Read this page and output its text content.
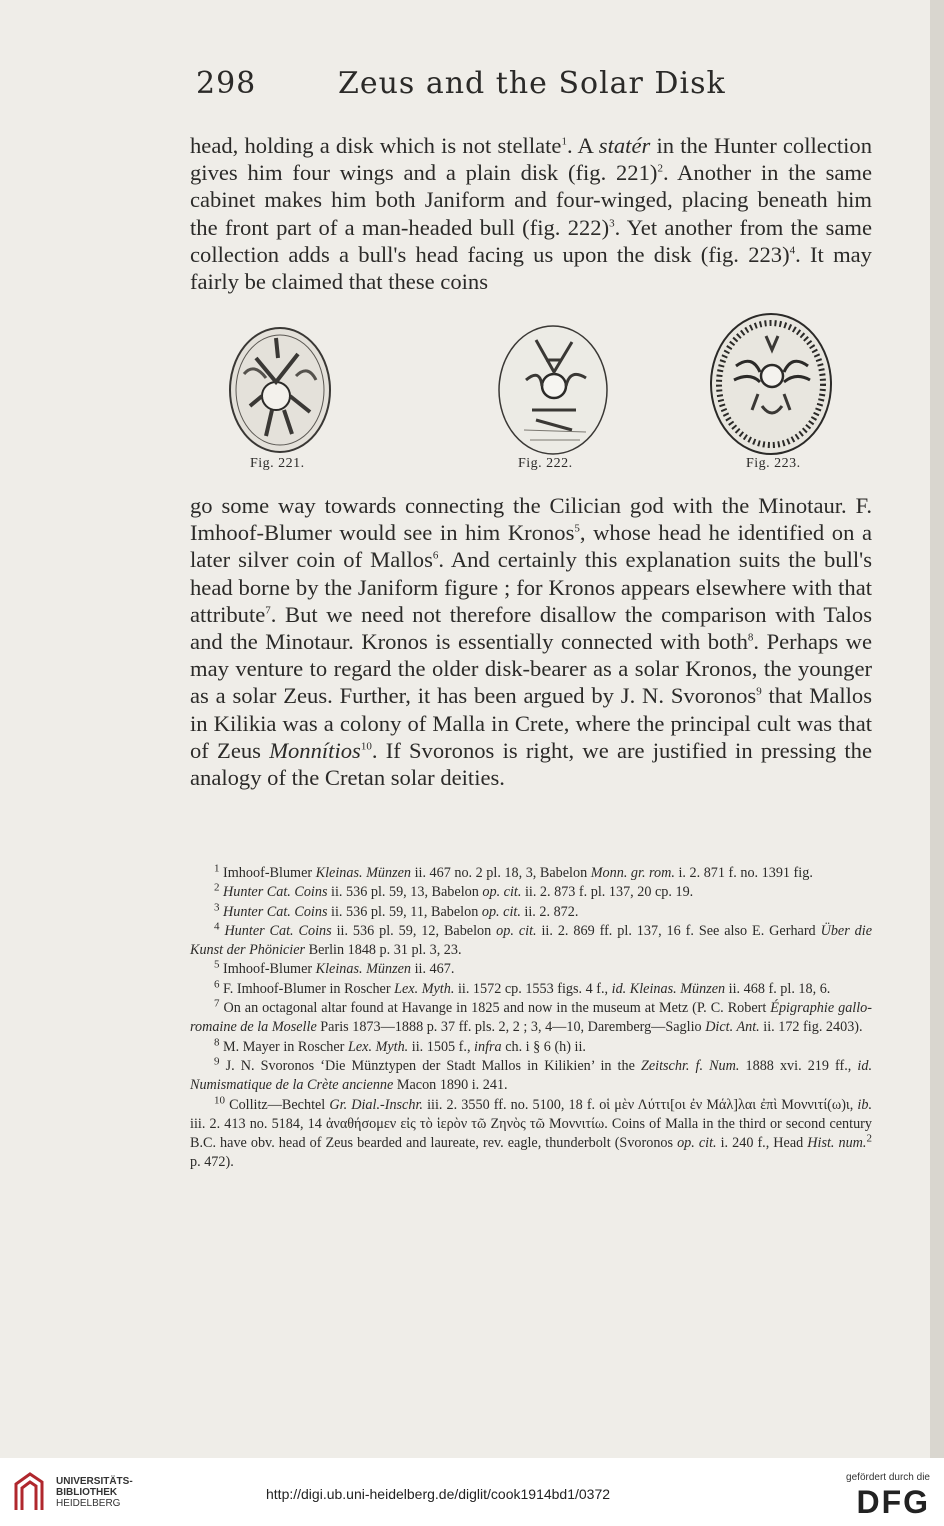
298	Zeus and the Solar Disk
head, holding a disk which is not stellate$^1$. A statér in the Hunter collection gives him four wings and a plain disk (fig. 221)$^2$. Another in the same cabinet makes him both Janiform and four-winged, placing beneath him the front part of a man-headed bull (fig. 222)$^3$. Yet another from the same collection adds a bull's head facing us upon the disk (fig. 223)$^4$. It may fairly be claimed that these coins
Fig. 221.	Fig. 222.	Fig. 223.
go some way towards connecting the Cilician god with the Minotaur. F. Imhoof-Blumer would see in him Kronos$^5$, whose head he identified on a later silver coin of Mallos$^6$. And certainly this explanation suits the bull's head borne by the Janiform figure ; for Kronos appears elsewhere with that attribute$^7$. But we need not therefore disallow the comparison with Talos and the Minotaur. Kronos is essentially connected with both$^8$. Perhaps we may venture to regard the older disk-bearer as a solar Kronos, the younger as a solar Zeus. Further, it has been argued by J. N. Svoronos$^9$ that Mallos in Kilikia was a colony of Malla in Crete, where the principal cult was that of Zeus Monnítios$^{10}$. If Svoronos is right, we are justified in pressing the analogy of the Cretan solar deities.

$^1$ Imhoof-Blumer Kleinas. Münzen ii. 467 no. 2 pl. 18, 3, Babelon Monn. gr. rom. i. 2. 871 f. no. 1391 fig.

$^2$ Hunter Cat. Coins ii. 536 pl. 59, 13, Babelon op. cit. ii. 2. 873 f. pl. 137, 20 cp. 19.

$^3$ Hunter Cat. Coins ii. 536 pl. 59, 11, Babelon op. cit. ii. 2. 872.

$^4$ Hunter Cat. Coins ii. 536 pl. 59, 12, Babelon op. cit. ii. 2. 869 ff. pl. 137, 16 f. See also E. Gerhard Über die Kunst der Phönicier Berlin 1848 p. 31 pl. 3, 23.

$^5$ Imhoof-Blumer Kleinas. Münzen ii. 467.

$^6$ F. Imhoof-Blumer in Roscher Lex. Myth. ii. 1572 cp. 1553 figs. 4 f., id. Kleinas. Münzen ii. 468 f. pl. 18, 6.

$^7$ On an octagonal altar found at Havange in 1825 and now in the museum at Metz (P. C. Robert Épigraphie gallo-romaine de la Moselle Paris 1873—1888 p. 37 ff. pls. 2, 2 ; 3, 4—10, Daremberg—Saglio Dict. Ant. ii. 172 fig. 2403).

$^8$ M. Mayer in Roscher Lex. Myth. ii. 1505 f., infra ch. i § 6 (h) ii.

$^9$ J. N. Svoronos ‘Die Münztypen der Stadt Mallos in Kilikien’ in the Zeitschr. f. Num. 1888 xvi. 219 ff., id. Numismatique de la Crète ancienne Macon 1890 i. 241.

$^{10}$ Collitz—Bechtel Gr. Dial.-Inschr. iii. 2. 3550 ff. no. 5100, 18 f. οἱ μὲν Λύττι[οι ἐν Μάλ]λαι ἐπὶ Μοννιτί(ω)ι, ib. iii. 2. 413 no. 5184, 14 ἀναθήσομεν εἰς τὸ ἱερὸν τῶ Ζηνὸς τῶ Μοννιτίω. Coins of Malla in the third or second century B.C. have obv. head of Zeus bearded and laureate, rev. eagle, thunderbolt (Svoronos op. cit. i. 240 f., Head Hist. num.$^2$ p. 472).

UNIVERSITÄTS-
BIBLIOTHEK
HEIDELBERG
http://digi.ub.uni-heidelberg.de/diglit/cook1914bd1/0372
gefördert durch die
DFG
